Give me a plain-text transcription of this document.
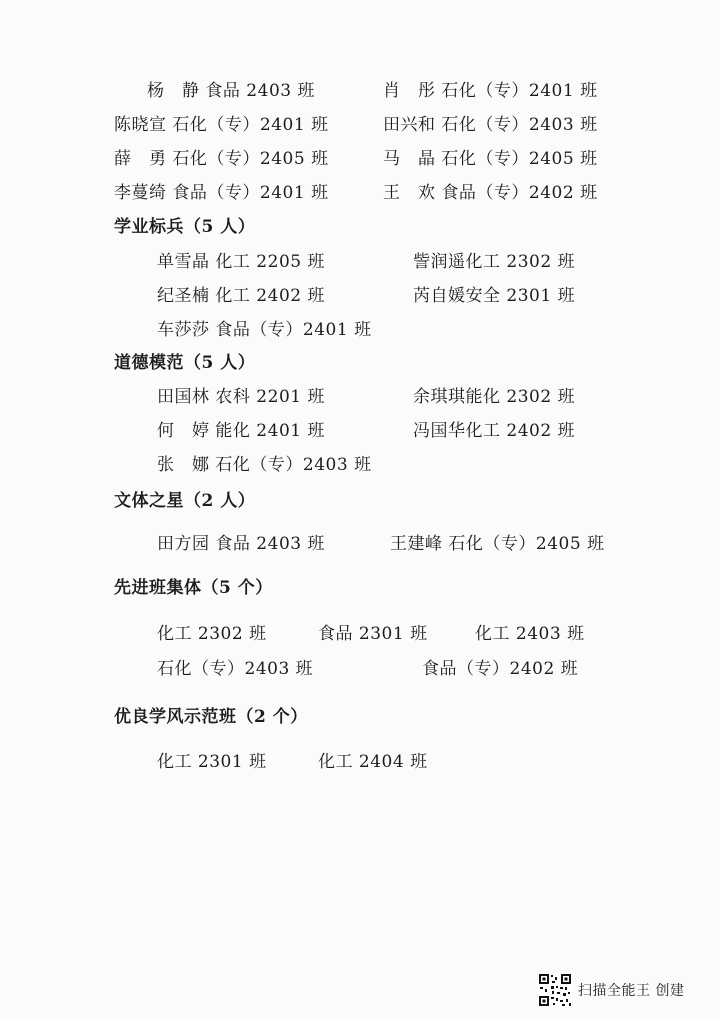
杨　静 食品 2403 班	肖　彤 石化（专）2401 班
陈晓宣 石化（专）2401 班	田兴和 石化（专）2403 班
薛　勇 石化（专）2405 班	马　晶 石化（专）2405 班
李蔓绮 食品（专）2401 班	王　欢 食品（专）2402 班
学业标兵（5 人）
单雪晶 化工 2205 班	訾润遥化工 2302 班
纪圣楠 化工 2402 班	芮自媛安全 2301 班
车莎莎 食品（专）2401 班
道德模范（5 人）
田国林 农科 2201 班	余琪琪能化 2302 班
何　婷 能化 2401 班	冯国华化工 2402 班
张　娜 石化（专）2403 班
文体之星（2 人）
田方园 食品 2403 班	王建峰 石化（专）2405 班
先进班集体（5 个）
化工 2302 班	食品 2301 班	化工 2403 班
石化（专）2403 班	食品（专）2402 班
优良学风示范班（2 个）
化工 2301 班	化工 2404 班
扫描全能王 创建
